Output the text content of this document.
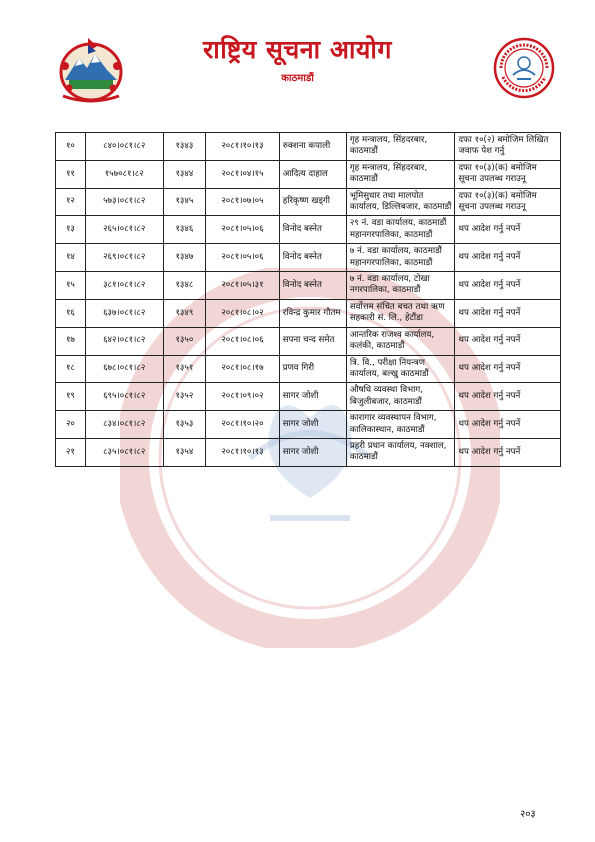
राष्ट्रिय सूचना आयोग
काठमाडौं
१०	८४०।०८१।८२	१३४३	२०८१।१०।१३	रुक्शना कपाली	गृह मन्त्रालय, सिंहदरबार, काठमाडौं	दफा १०(२) बमोजिम लिखित जवाफ पेश गर्नु
११	१५७०८१।८२	१३४४	२०८१।०४।१५	आदित्य दाहाल	गृह मन्त्रालय, सिंहदरबार, काठमाडौं	दफा १०(३)(क) बमोजिम सूचना उपलब्ध गराउनू
१२	५७३।०८१।८२	१३४५	२०८१।०७।०५	हरिकृष्ण खड्गी	भूमिसुधार तथा मालपोत कार्यालय, डिल्लिबजार, काठमाडौं	दफा १०(३)(क) बमोजिम सूचना उपलब्ध गराउनू
१३	२६५।०८१।८२	१३४६	२०८१।०५।०६	विनोद बस्नेत	२९ नं. वडा कार्यालय, काठमाडौं महानगरपालिका, काठमाडौं	थप आदेश गर्नु नपर्ने
१४	२६९।०८१।८२	१३४७	२०८१।०५।०६	विनोद बस्नेत	७ नं. वडा कार्यालय, काठमाडौं महानगरपालिका, काठमाडौं	थप आदेश गर्नु नपर्ने
१५	३८१।०८१।८२	१३४८	२०८१।०५।३१	विनोद बस्नेत	७ नं. वडा कार्यालय, टोखा नगरपालिका, काठमाडौं	थप आदेश गर्नु नपर्ने
१६	६३७।०८१।८२	१३४९	२०८१।०८।०२	रविन्द्र कुमार गौतम	सर्वोत्तम संचित बचत तथा ऋण सहकारी सं. लि., हेटौंडा	थप आदेश गर्नु नपर्ने
१७	६४२।०८१।८२	१३५०	२०८१।०८।०६	सपना चन्द समेत	आन्तरिक राजश्व कार्यालय, कलंकी, काठमाडौं	थप आदेश गर्नु नपर्ने
१८	६७८।०८१।८२	१३५१	२०८१।०८।१७	प्रणव गिरी	त्रि. वि., परीक्षा नियन्त्रण कार्यालय, बल्खु काठमाडौं	थप आदेश गर्नु नपर्ने
१९	६९५।०८१।८२	१३५२	२०८१।०९।०२	सागर जोशी	औषधि व्यवस्था विभाग, बिजुलीबजार, काठमाडौं	थप आदेश गर्नु नपर्ने
२०	८३४।०८१।८२	१३५३	२०८१।१०।२०	सागर जोशी	कारागार व्यवस्थापन विभाग, कालिकास्थान, काठमाडौं	थप आदेश गर्नु नपर्ने
२१	८३५।०८१।८२	१३५४	२०८१।१०।१३	सागर जोशी	प्रहरी प्रधान कार्यालय, नक्शाल, काठमाडौं	थप आदेश गर्नु नपर्ने
२०३
